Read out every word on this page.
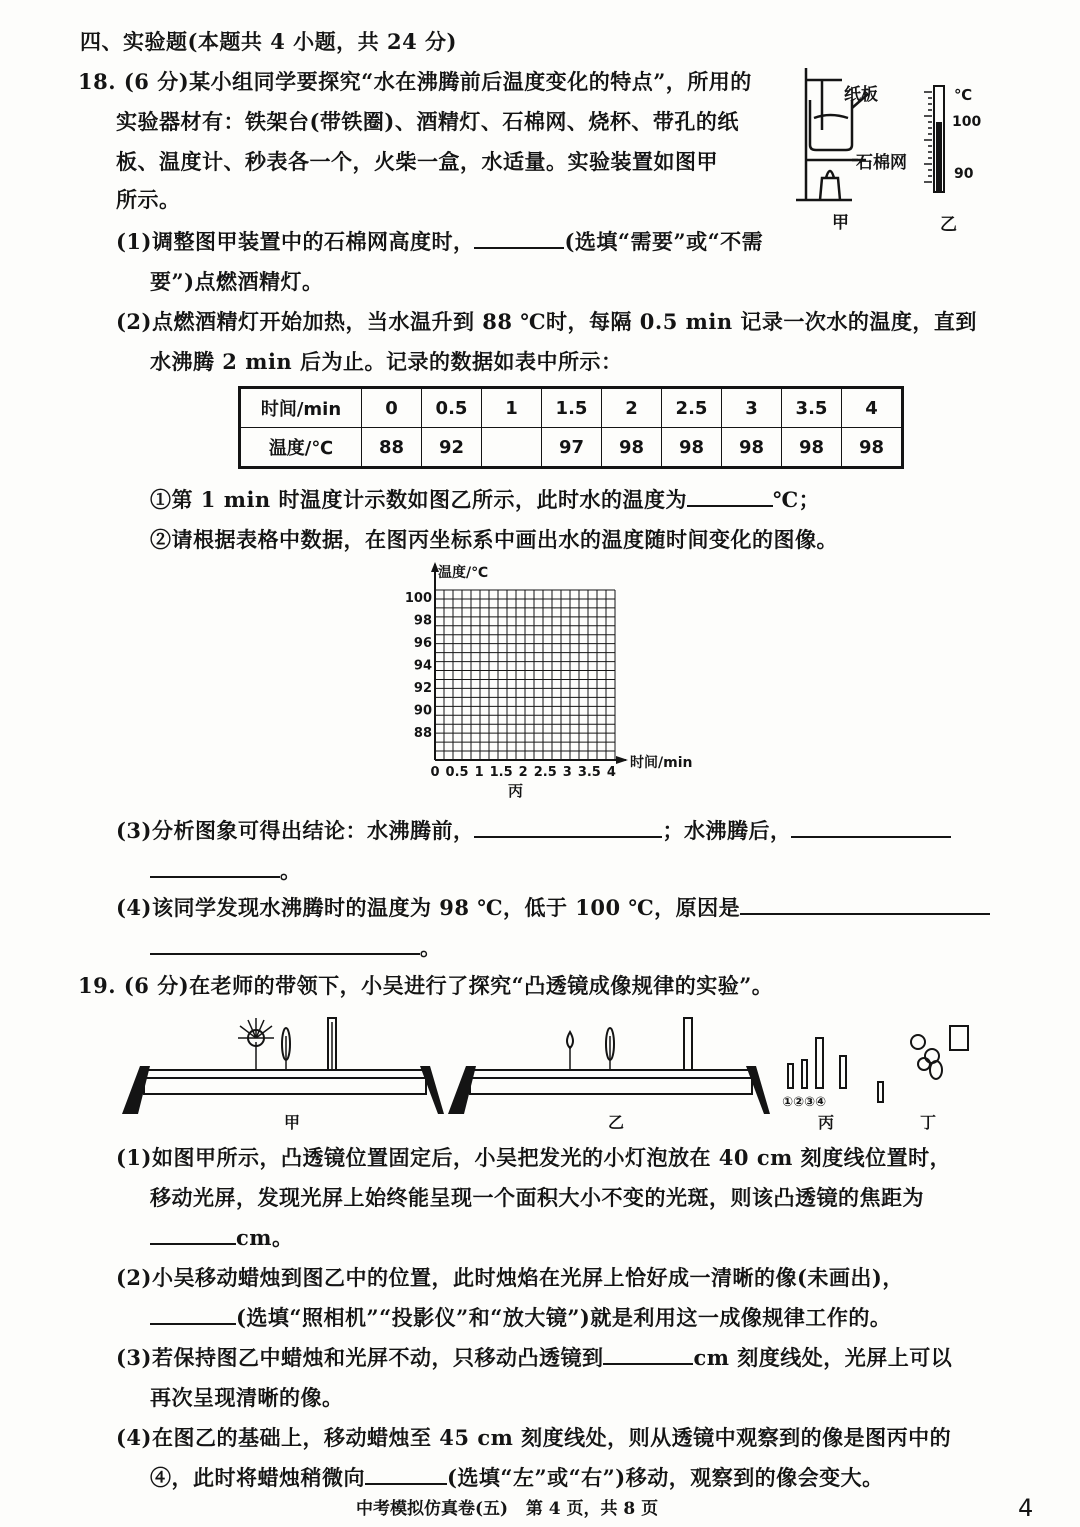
四、实验题(本题共 4 小题，共 24 分)
18. (6 分)某小组同学要探究“水在沸腾前后温度变化的特点”，所用的
实验器材有：铁架台(带铁圈)、酒精灯、石棉网、烧杯、带孔的纸
板、温度计、秒表各一个，火柴一盒，水适量。实验装置如图甲
所示。
纸板
石棉网
甲	乙
℃
100
90
(1)调整图甲装置中的石棉网高度时，	(选填“需要”或“不需
要”)点燃酒精灯。
(2)点燃酒精灯开始加热，当水温升到 88 ℃时，每隔 0.5 min 记录一次水的温度，直到
水沸腾 2 min 后为止。记录的数据如表中所示：
时间/min	0	0.5	1	1.5	2	2.5	3	3.5	4
温度/℃	88	92		97	98	98	98	98	98
①第 1 min 时温度计示数如图乙所示，此时水的温度为	℃；
②请根据表格中数据，在图丙坐标系中画出水的温度随时间变化的图像。
温度/℃
时间/min
100
98
96
94
92
90
88
0 0.5 1 1.5 2 2.5 3 3.5 4
丙
(3)分析图象可得出结论：水沸腾前，	；水沸腾后，
。
(4)该同学发现水沸腾时的温度为 98 ℃，低于 100 ℃，原因是
。
19. (6 分)在老师的带领下，小吴进行了探究“凸透镜成像规律的实验”。
甲	乙
①②③④
丙	丁
(1)如图甲所示，凸透镜位置固定后，小吴把发光的小灯泡放在 40 cm 刻度线位置时，
移动光屏，发现光屏上始终能呈现一个面积大小不变的光斑，则该凸透镜的焦距为
cm。
(2)小吴移动蜡烛到图乙中的位置，此时烛焰在光屏上恰好成一清晰的像(未画出)，
(选填“照相机”“投影仪”和“放大镜”)就是利用这一成像规律工作的。
(3)若保持图乙中蜡烛和光屏不动，只移动凸透镜到	cm 刻度线处，光屏上可以
再次呈现清晰的像。
(4)在图乙的基础上，移动蜡烛至 45 cm 刻度线处，则从透镜中观察到的像是图丙中的
④，此时将蜡烛稍微向	(选填“左”或“右”)移动，观察到的像会变大。
中考模拟仿真卷(五)   第 4 页，共 8 页	4
